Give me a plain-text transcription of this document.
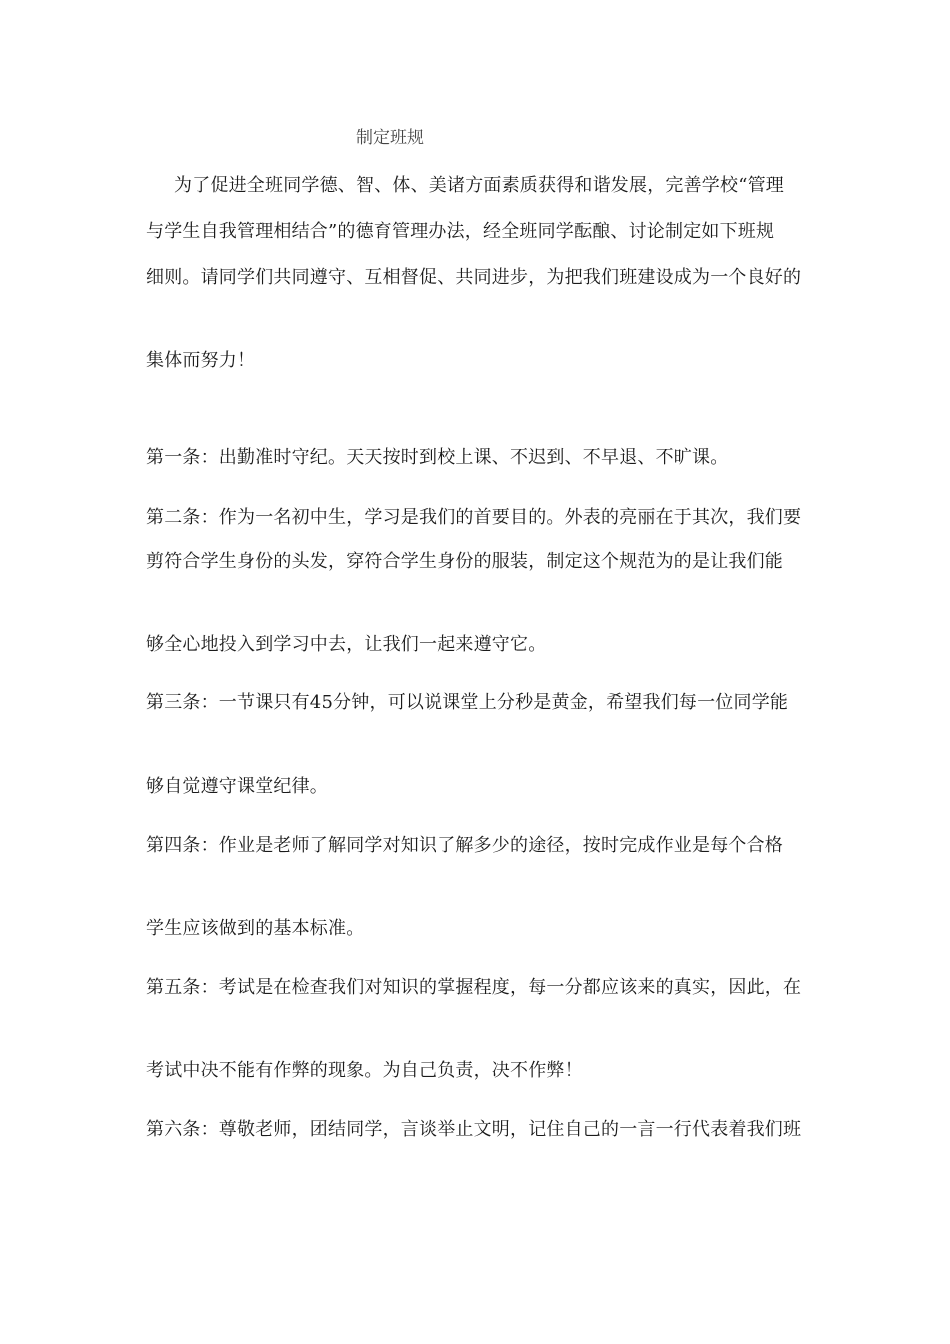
制定班规
为了促进全班同学德、智、体、美诸方面素质获得和谐发展，完善学校“管理
与学生自我管理相结合”的德育管理办法，经全班同学酝酿、讨论制定如下班规
细则。请同学们共同遵守、互相督促、共同进步，为把我们班建设成为一个良好的
集体而努力！
第一条：出勤准时守纪。天天按时到校上课、不迟到、不早退、不旷课。
第二条：作为一名初中生，学习是我们的首要目的。外表的亮丽在于其次，我们要
剪符合学生身份的头发，穿符合学生身份的服装，制定这个规范为的是让我们能
够全心地投入到学习中去，让我们一起来遵守它。
第三条：一节课只有45分钟，可以说课堂上分秒是黄金，希望我们每一位同学能
够自觉遵守课堂纪律。
第四条：作业是老师了解同学对知识了解多少的途径，按时完成作业是每个合格
学生应该做到的基本标准。
第五条：考试是在检查我们对知识的掌握程度，每一分都应该来的真实，因此，在
考试中决不能有作弊的现象。为自己负责，决不作弊！
第六条：尊敬老师，团结同学，言谈举止文明，记住自己的一言一行代表着我们班
